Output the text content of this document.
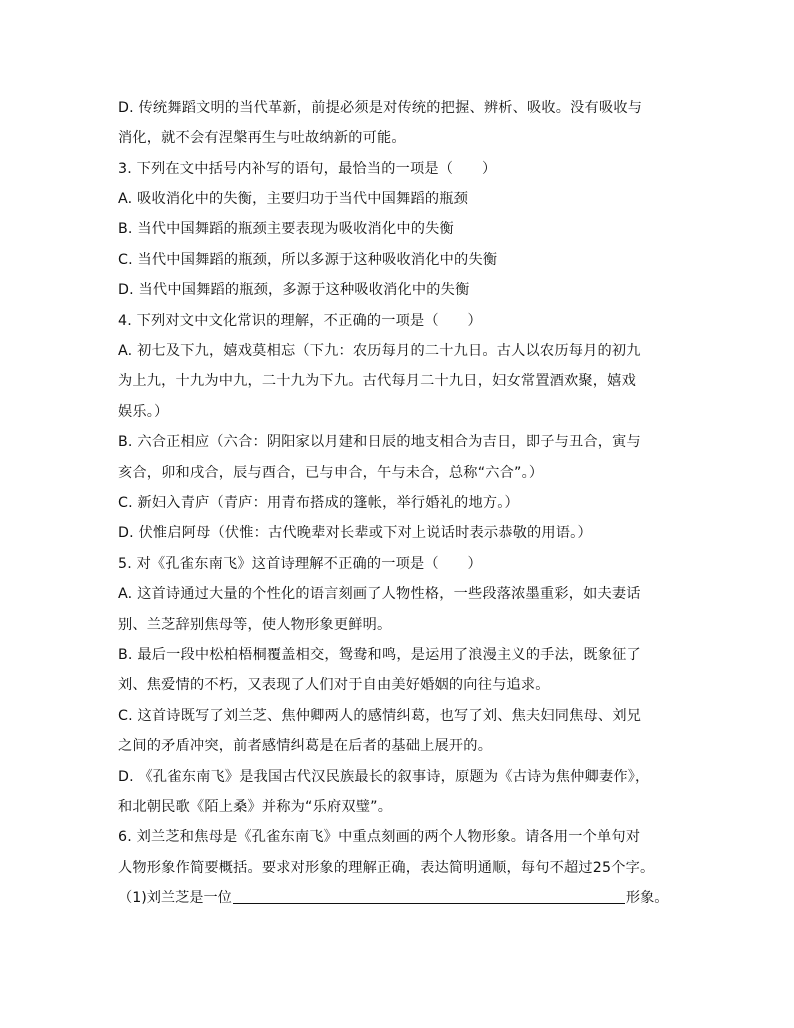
D. 传统舞蹈文明的当代革新，前提必须是对传统的把握、辨析、吸收。没有吸收与
消化，就不会有涅槃再生与吐故纳新的可能。
3. 下列在文中括号内补写的语句，最恰当的一项是（　　）
A. 吸收消化中的失衡，主要归功于当代中国舞蹈的瓶颈
B. 当代中国舞蹈的瓶颈主要表现为吸收消化中的失衡
C. 当代中国舞蹈的瓶颈，所以多源于这种吸收消化中的失衡
D. 当代中国舞蹈的瓶颈，多源于这种吸收消化中的失衡
4. 下列对文中文化常识的理解，不正确的一项是（　　）
A. 初七及下九，嬉戏莫相忘（下九：农历每月的二十九日。古人以农历每月的初九
为上九，十九为中九，二十九为下九。古代每月二十九日，妇女常置酒欢聚，嬉戏
娱乐。）
B. 六合正相应（六合：阴阳家以月建和日辰的地支相合为吉日，即子与丑合，寅与
亥合，卯和戌合，辰与酉合，已与申合，午与未合，总称“六合”。）
C. 新妇入青庐（青庐：用青布搭成的篷帐，举行婚礼的地方。）
D. 伏惟启阿母（伏惟：古代晚辈对长辈或下对上说话时表示恭敬的用语。）
5. 对《孔雀东南飞》这首诗理解不正确的一项是（　　）
A. 这首诗通过大量的个性化的语言刻画了人物性格，一些段落浓墨重彩，如夫妻话
别、兰芝辞别焦母等，使人物形象更鲜明。
B. 最后一段中松柏梧桐覆盖相交，鸳鸯和鸣，是运用了浪漫主义的手法，既象征了
刘、焦爱情的不朽，又表现了人们对于自由美好婚姻的向往与追求。
C. 这首诗既写了刘兰芝、焦仲卿两人的感情纠葛，也写了刘、焦夫妇同焦母、刘兄
之间的矛盾冲突，前者感情纠葛是在后者的基础上展开的。
D. 《孔雀东南飞》是我国古代汉民族最长的叙事诗，原题为《古诗为焦仲卿妻作》，
和北朝民歌《陌上桑》并称为“乐府双璧”。
6. 刘兰芝和焦母是《孔雀东南飞》中重点刻画的两个人物形象。请各用一个单句对
人物形象作简要概括。要求对形象的理解正确，表达简明通顺，每句不超过25个字。
（1)刘兰芝是一位	形象。
